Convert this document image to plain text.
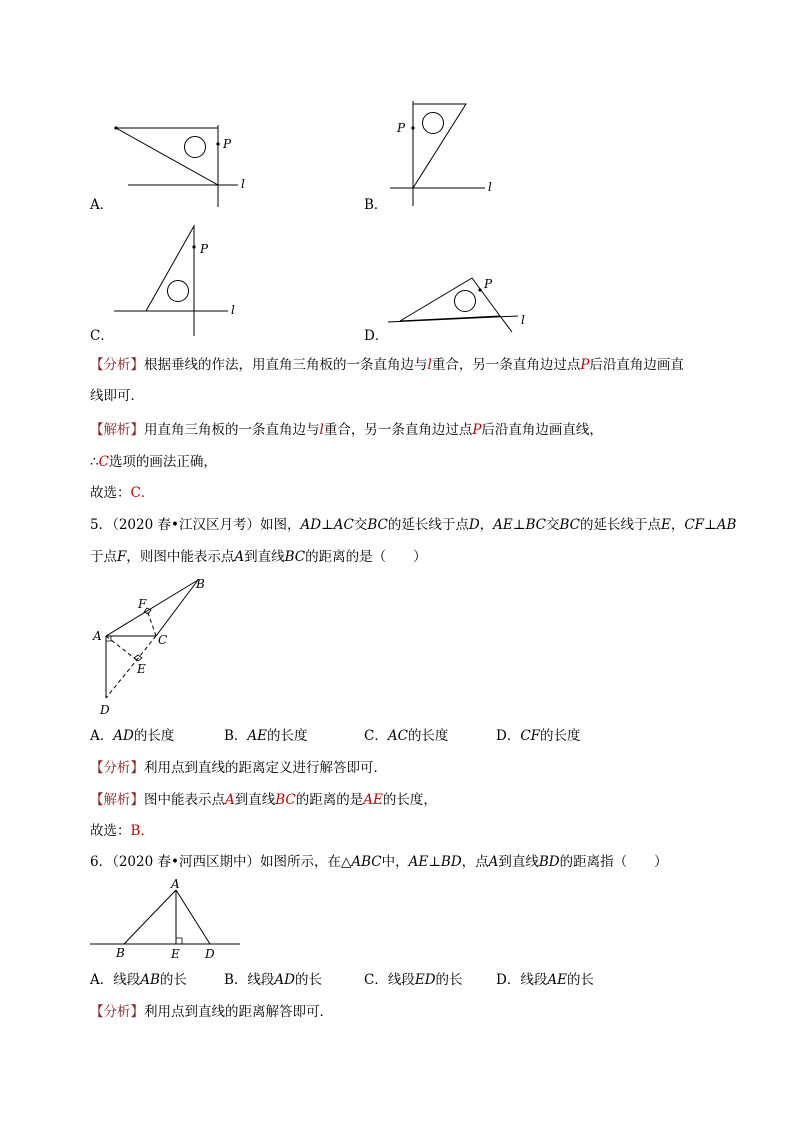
P
l
A．
P
l
B．
P
l
C．
P
l
D．
【分析】根据垂线的作法，用直角三角板的一条直角边与l重合，另一条直角边过点P后沿直角边画直
线即可．
【解析】用直角三角板的一条直角边与l重合，另一条直角边过点P后沿直角边画直线，
∴C选项的画法正确，
故选：C．
5．（2020 春•江汉区月考）如图，AD⊥AC交BC的延长线于点D，AE⊥BC交BC的延长线于点E，CF⊥AB
于点F，则图中能表示点A到直线BC的距离的是（　　）
A
B
C
D
E
F
A．AD的长度	B．AE的长度	C．AC的长度	D．CF的长度
【分析】利用点到直线的距离定义进行解答即可．
【解析】图中能表示点A到直线BC的距离的是AE的长度，
故选：B．
6．（2020 春•河西区期中）如图所示，在△ABC中，AE⊥BD，点A到直线BD的距离指（　　）
A
B	E D
A．线段AB的长	B．线段AD的长	C．线段ED的长 D．线段AE的长
【分析】利用点到直线的距离解答即可．
